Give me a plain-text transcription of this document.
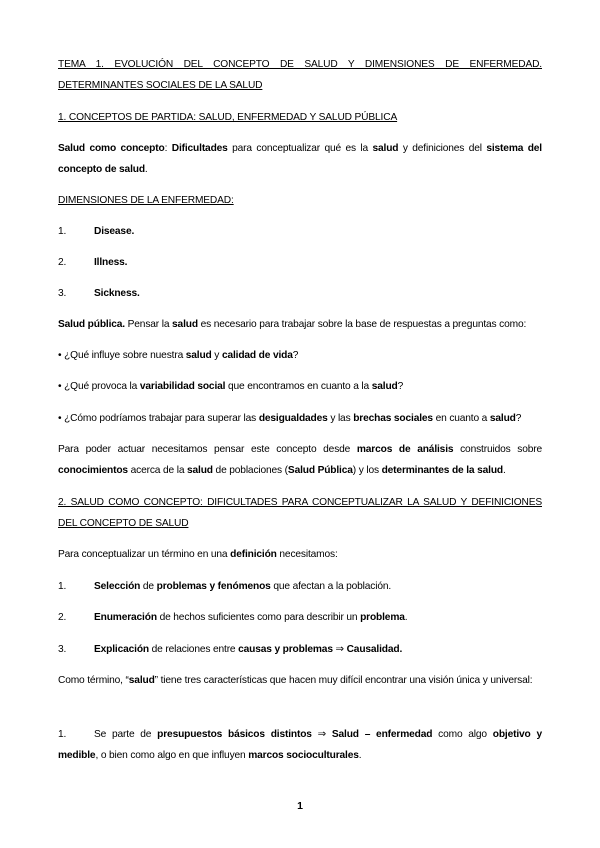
TEMA 1. EVOLUCIÓN DEL CONCEPTO DE SALUD Y DIMENSIONES DE ENFERMEDAD. DETERMINANTES SOCIALES DE LA SALUD
1. CONCEPTOS DE PARTIDA: SALUD, ENFERMEDAD Y SALUD PÚBLICA
Salud como concepto: Dificultades para conceptualizar qué es la salud y definiciones del sistema del concepto de salud.
DIMENSIONES DE LA ENFERMEDAD:
1.	Disease.
2.	Illness.
3.	Sickness.
Salud pública. Pensar la salud es necesario para trabajar sobre la base de respuestas a preguntas como:
• ¿Qué influye sobre nuestra salud y calidad de vida?
• ¿Qué provoca la variabilidad social que encontramos en cuanto a la salud?
• ¿Cómo podríamos trabajar para superar las desigualdades y las brechas sociales en cuanto a salud?
Para poder actuar necesitamos pensar este concepto desde marcos de análisis construidos sobre conocimientos acerca de la salud de poblaciones (Salud Pública) y los determinantes de la salud.
2. SALUD COMO CONCEPTO: DIFICULTADES PARA CONCEPTUALIZAR LA SALUD Y DEFINICIONES DEL CONCEPTO DE SALUD
Para conceptualizar un término en una definición necesitamos:
1.	Selección de problemas y fenómenos que afectan a la población.
2.	Enumeración de hechos suficientes como para describir un problema.
3.	Explicación de relaciones entre causas y problemas ⇒ Causalidad.
Como término, “salud” tiene tres características que hacen muy difícil encontrar una visión única y universal:
1.	Se parte de presupuestos básicos distintos ⇒ Salud – enfermedad como algo objetivo y medible, o bien como algo en que influyen marcos socioculturales.
1
